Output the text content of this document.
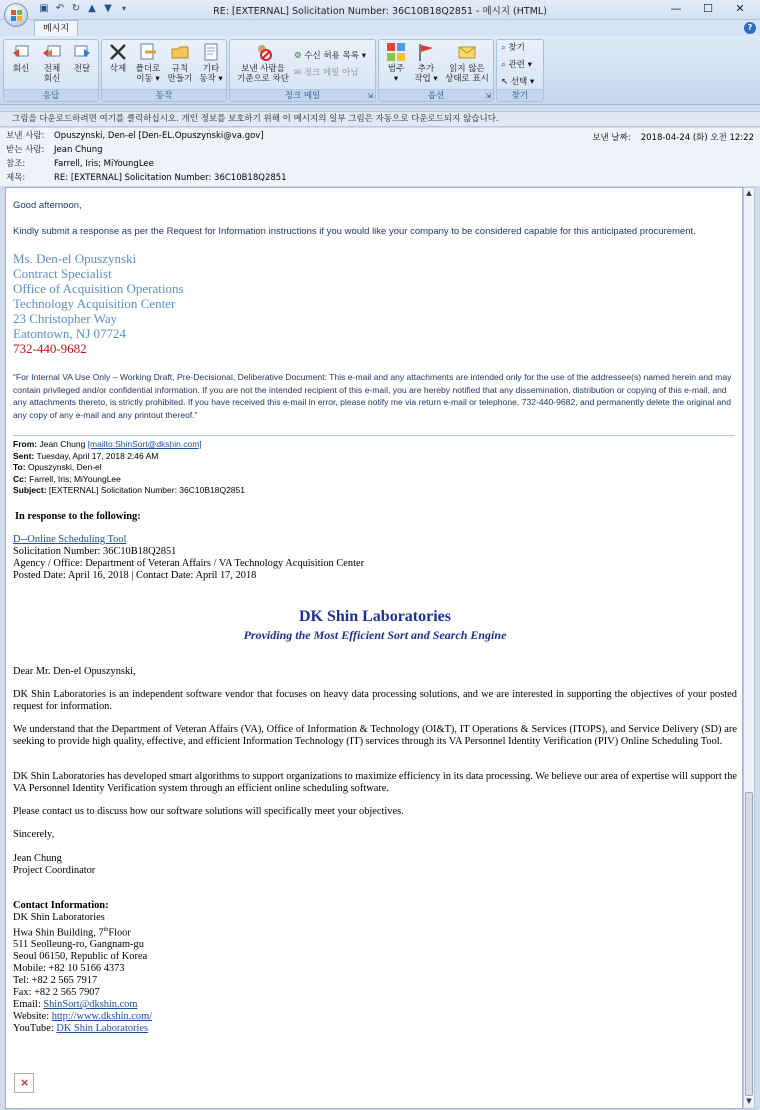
▣ ↶ ↻ ▲ ▼	▾	RE: [EXTERNAL] Solicitation Number: 36C10B18Q2851 - 메시지 (HTML)	—	☐	✕
메시지	?
회신	전체
회신
전달
응답
삭제	폴더로
이동 ▾
규칙
만들기
기타
동작 ▾
동작
보낸 사람을
기준으로 차단
⚙ 수신 허용 목록 ▾
✉ 정크 메일 아님
정크 메일	⇲
범주
▾
추가
작업 ▾
읽지 않은
상태로 표시
옵션	⇲
⌕ 찾기
⌕ 관련 ▾
↖ 선택 ▾
찾기
그림을 다운로드하려면 여기를 클릭하십시오. 개인 정보를 보호하기 위해 이 메시지의 일부 그림은 자동으로 다운로드되지 않습니다.
보낸 사람: Opuszynski, Den-el [Den-EL.Opuszynski@va.gov]
받는 사람: Jean Chung
참조:	Farrell, Iris; MiYoungLee
제목:	RE: [EXTERNAL] Solicitation Number: 36C10B18Q2851
보낸 날짜: 2018-04-24 (화) 오전 12:22
Good afternoon,
Kindly submit a response as per the Request for Information instructions if you would like your company to be considered capable for this anticipated procurement.
Ms. Den-el Opuszynski
Contract Specialist
Office of Acquisition Operations
Technology Acquisition Center
23 Christopher Way
Eatontown, NJ 07724
732-440-9682
“For Internal VA Use Only – Working Draft, Pre-Decisional, Deliberative Document: This e-mail and any attachments are intended only for the use of the addressee(s) named herein and may contain privileged and/or confidential information. If you are not the intended recipient of this e-mail, you are hereby notified that any dissemination, distribution or copying of this e-mail, and any attachments thereto, is strictly prohibited. If you have received this e-mail in error, please notify me via return e-mail or telephone, 732-440-9682, and permanently delete the original and any copy of any e-mail and any printout thereof.”
From: Jean Chung [mailto:ShinSort@dkshin.com]
Sent: Tuesday, April 17, 2018 2:46 AM
To: Opuszynski, Den-el
Cc: Farrell, Iris; MiYoungLee
Subject: [EXTERNAL] Solicitation Number: 36C10B18Q2851
In response to the following:
D--Online Scheduling Tool
Solicitation Number: 36C10B18Q2851
Agency / Office: Department of Veteran Affairs / VA Technology Acquisition Center
Posted Date: April 16, 2018 | Contact Date: April 17, 2018
DK Shin Laboratories
Providing the Most Efficient Sort and Search Engine
Dear Mr. Den-el Opuszynski,
DK Shin Laboratories is an independent software vendor that focuses on heavy data processing solutions, and we are interested in supporting the objectives of your posted request for information.
We understand that the Department of Veteran Affairs (VA), Office of Information & Technology (OI&T), IT Operations & Services (ITOPS), and Service Delivery (SD) are seeking to provide high quality, effective, and efficient Information Technology (IT) services through its VA Personnel Identity Verification (PIV) Online Scheduling Tool.
DK Shin Laboratories has developed smart algorithms to support organizations to maximize efficiency in its data processing. We believe our area of expertise will support the VA Personnel Identity Verification system through an efficient online scheduling software.
Please contact us to discuss how our software solutions will specifically meet your objectives.
Sincerely,
Jean Chung
Project Coordinator
Contact Information:
DK Shin Laboratories
Hwa Shin Building, 7thFloor
511 Seolleung-ro, Gangnam-gu
Seoul 06150, Republic of Korea
Mobile: +82 10 5166 4373
Tel: +82 2 565 7917
Fax: +82 2 565 7907
Email: ShinSort@dkshin.com
Website: http://www.dkshin.com/
YouTube: DK Shin Laboratories
×
▲
▼
